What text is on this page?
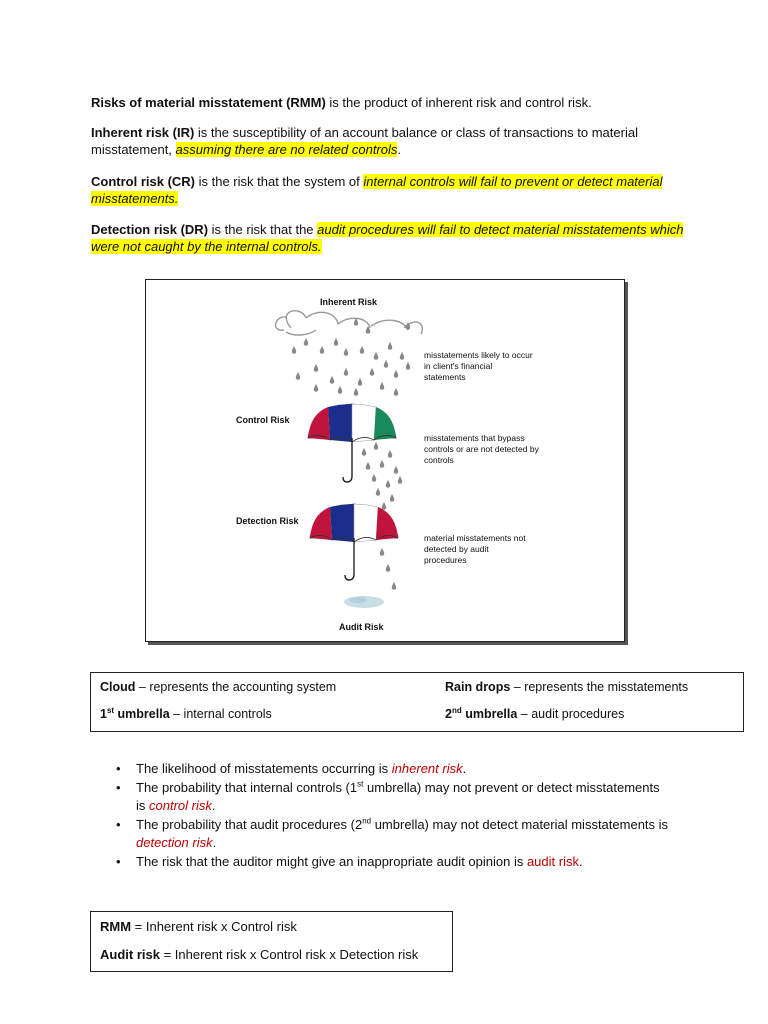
Risks of material misstatement (RMM) is the product of inherent risk and control risk.

Inherent risk (IR) is the susceptibility of an account balance or class of transactions to material misstatement, assuming there are no related controls.

Control risk (CR) is the risk that the system of internal controls will fail to prevent or detect material misstatements.

Detection risk (DR) is the risk that the audit procedures will fail to detect material misstatements which were not caught by the internal controls.

Inherent Risk
Control Risk
Detection Risk
Audit Risk
misstatements likely to occur in client's financial statements
misstatements that bypass controls or are not detected by controls
material misstatements not detected by audit procedures
Cloud – represents the accounting system	Rain drops – represents the misstatements
1st umbrella – internal controls	2nd umbrella – audit procedures
• The likelihood of misstatements occurring is inherent risk.
• The probability that internal controls (1st umbrella) may not prevent or detect misstatements is control risk.
• The probability that audit procedures (2nd umbrella) may not detect material misstatements is detection risk.
• The risk that the auditor might give an inappropriate audit opinion is audit risk.
RMM = Inherent risk x Control risk
Audit risk = Inherent risk x Control risk x Detection risk
